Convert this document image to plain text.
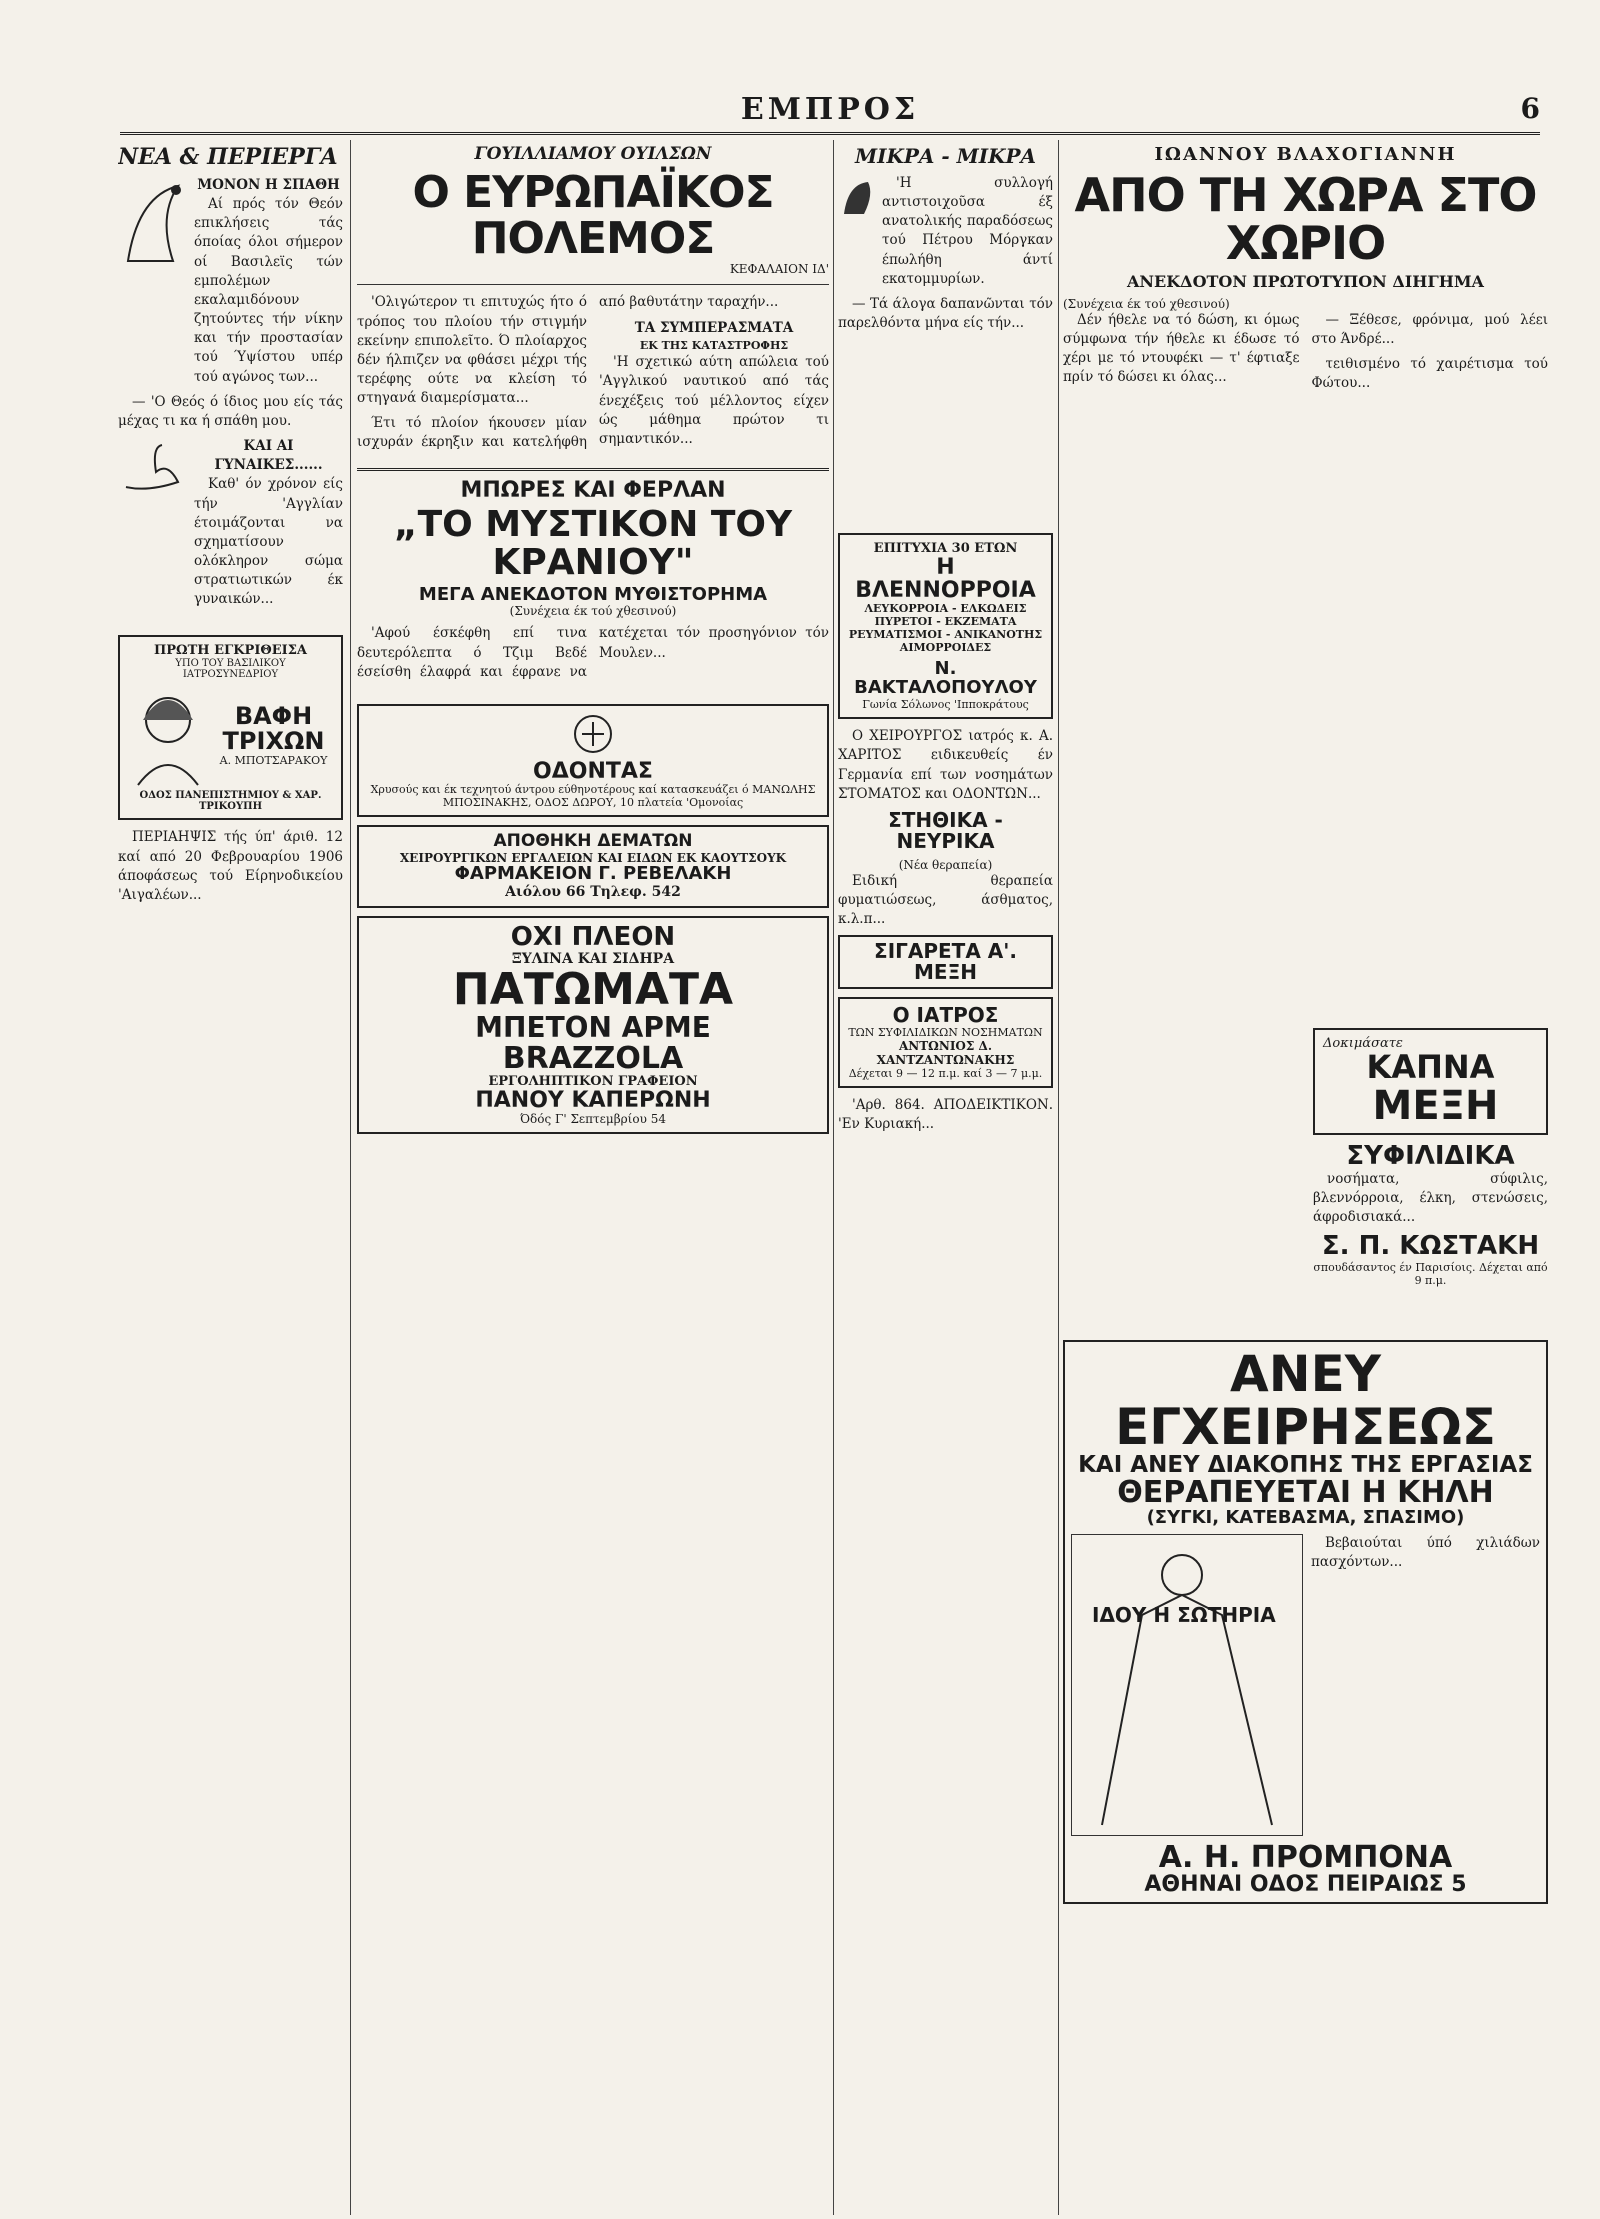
ΕΜΠΡΟΣ	6
ΝΕΑ & ΠΕΡΙΕΡΓΑ
ΜΟΝΟΝ Η ΣΠΑΘΗ

Αί πρός τόν Θεόν επικλήσεις τάς όποίας όλοι σήμερον οί Βασιλεϊς τών εμπολέμων εκαλαμιδόνουν ζητούντες τήν νίκην και τήν προστασίαν τού Ύψίστου υπέρ τού αγώνος των...

— 'Ο Θεός ό ίδιος μου είς τάς μέχας τι κα ή σπάθη μου.

ΚΑΙ ΑΙ ΓΥΝΑΙΚΕΣ......

Καθ' όν χρόνον είς τήν 'Αγγλίαν έτοιμάζονται να σχηματίσουν ολόκληρον σώμα στρατιωτικών έκ γυναικών...

ΠΡΩΤΗ ΕΓΚΡΙΘΕΙΣΑ
ΥΠΟ ΤΟΥ ΒΑΣΙΛΙΚΟΥ ΙΑΤΡΟΣΥΝΕΔΡΙΟΥ
ΒΑΦΗ ΤΡΙΧΩΝ
Α. ΜΠΟΤΣΑΡΑΚΟΥ
ΟΔΟΣ ΠΑΝΕΠΙΣΤΗΜΙΟΥ & ΧΑΡ. ΤΡΙΚΟΥΠΗ

ΠΕΡΙΑΗΨΙΣ τής ύπ' άριθ. 12 καί από 20 Φεβρουαρίου 1906 άποφάσεως τού Είρηνοδικείου 'Αιγαλέων...

ΓΟΥΙΛΛΙΑΜΟΥ ΟΥΙΛΣΩΝ
Ο ΕΥΡΩΠΑΪΚΟΣ ΠΟΛΕΜΟΣ
ΚΕΦΑΛΑΙΟΝ ΙΔ'

'Ολιγώτερον τι επιτυχώς ήτο ό τρόπος του πλοίου τήν στιγμήν εκείνην επιπολεῖτο. Ό πλοίαρχος δέν ήλπιζεν να φθάσει μέχρι τής τερέφης ούτε να κλείση τό στηγανά διαμερίσματα...

Έτι τό πλοίον ήκουσεν μίαν ισχυράν έκρηξιν και κατελήφθη από βαθυτάτην ταραχήν...

ΤΑ ΣΥΜΠΕΡΑΣΜΑΤΑ
ΕΚ ΤΗΣ ΚΑΤΑΣΤΡΟΦΗΣ

'Η σχετικώ αύτη απώλεια τού 'Αγγλικού ναυτικού από τάς ένεχέξεις τού μέλλοντος είχεν ώς μάθημα πρώτον τι σημαντικόν...

ΜΠΩΡΕΣ ΚΑΙ ΦΕΡΛΑΝ
„ΤΟ ΜΥΣΤΙΚΟΝ ΤΟΥ ΚΡΑΝΙΟΥ"
ΜΕΓΑ ΑΝΕΚΔΟΤΟΝ ΜΥΘΙΣΤΟΡΗΜΑ
(Συνέχεια έκ τού χθεσινού)

'Αφού έσκέφθη επί τινα δευτερόλεπτα ό Τζιμ Βεδέ έσείσθη έλαφρά και έφρανε να κατέχεται τόν προσηγόνιον τόν Μουλεν...

ΟΔΟΝΤΑΣ
Χρυσούς και έκ τεχνητού άντρου εύθηνοτέρους καί κατασκευάζει ό ΜΑΝΩΛΗΣ ΜΠΟΣΙΝΑΚΗΣ, ΟΔΟΣ ΔΩΡΟΥ, 10 πλατεία 'Ομονοίας
ΑΠΟΘΗΚΗ ΔΕΜΑΤΩΝ
ΧΕΙΡΟΥΡΓΙΚΩΝ ΕΡΓΑΛΕΙΩΝ ΚΑΙ ΕΙΔΩΝ ΕΚ ΚΑΟΥΤΣΟΥΚ
ΦΑΡΜΑΚΕΙΟΝ Γ. ΡΕΒΕΛΑΚΗ
Αιόλου 66 Τηλεφ. 542
ΟΧΙ ΠΛΕΟΝ
ΞΥΛΙΝΑ ΚΑΙ ΣΙΔΗΡΑ
ΠΑΤΩΜΑΤΑ
ΜΠΕΤΟΝ ΑΡΜΕ
BRAZZOLA
ΕΡΓΟΛΗΠΤΙΚΟΝ ΓΡΑΦΕΙΟΝ
ΠΑΝΟΥ ΚΑΠΕΡΩΝΗ
Όδός Γ' Σεπτεμβρίου 54
ΜΙΚΡΑ - ΜΙΚΡΑ

'Η συλλογή αντιστοιχοῦσα έξ ανατολικής παραδόσεως τού Πέτρου Μόργκαν έπωλήθη άντί εκατομμυρίων.

— Τά άλογα δαπανῶνται τόν παρελθόντα μήνα είς τήν...

ΕΠΙΤΥΧΙΑ 30 ΕΤΩΝ
Η ΒΛΕΝΝΟΡΡΟΙΑ
ΛΕΥΚΟΡΡΟΙΑ - ΕΛΚΩΔΕΙΣ ΠΥΡΕΤΟΙ - ΕΚΖΕΜΑΤΑ ΡΕΥΜΑΤΙΣΜΟΙ - ΑΝΙΚΑΝΟΤΗΣ ΑΙΜΟΡΡΟΙΔΕΣ
Ν. ΒΑΚΤΑΛΟΠΟΥΛΟΥ
Γωνία Σόλωνος 'Ιπποκράτους

Ο ΧΕΙΡΟΥΡΓΟΣ ιατρός κ. Α. ΧΑΡΙΤΟΣ ειδικευθείς έν Γερμανία επί των νοσημάτων ΣΤΟΜΑΤΟΣ και ΟΔΟΝΤΩΝ...

ΣΤΗΘΙΚΑ - ΝΕΥΡΙΚΑ
(Νέα θεραπεία)

Ειδική θεραπεία φυματιώσεως, άσθματος, κ.λ.π...

ΣΙΓΑΡΕΤΑ Α'. ΜΕΞΗ
Ο ΙΑΤΡΟΣ
ΤΩΝ ΣΥΦΙΛΙΔΙΚΩΝ ΝΟΣΗΜΑΤΩΝ
ΑΝΤΩΝΙΟΣ Δ. ΧΑΝΤΖΑΝΤΩΝΑΚΗΣ
Δέχεται 9 — 12 π.μ. καί 3 — 7 μ.μ.

'Αρθ. 864. ΑΠΟΔΕΙΚΤΙΚΟΝ. 'Εν Κυριακή...

ΙΩΑΝΝΟΥ ΒΛΑΧΟΓΙΑΝΝΗ
ΑΠΟ ΤΗ ΧΩΡΑ ΣΤΟ ΧΩΡΙΟ
ΑΝΕΚΔΟΤΟΝ ΠΡΩΤΟΤΥΠΟΝ ΔΙΗΓΗΜΑ
(Συνέχεια έκ τού χθεσινού)

Δέν ήθελε να τό δώση, κι όμως σύμφωνα τήν ήθελε κι έδωσε τό χέρι με τό ντουφέκι — τ' έφτιαξε πρίν τό δώσει κι όλας...

— Ξέθεσε, φρόνιμα, μού λέει στο Άνδρέ...

τειθισμένο τό χαιρέτισμα τού Φώτου...

Δοκιμάσατε
ΚΑΠΝΑ ΜΕΞΗ
ΣΥΦΙΛΙΔΙΚΑ

νοσήματα, σύφιλις, βλεννόρροια, έλκη, στενώσεις, άφροδισιακά...

Σ. Π. ΚΩΣΤΑΚΗ
σπουδάσαντος έν Παρισίοις. Δέχεται από 9 π.μ.
ΑΝΕΥ ΕΓΧΕΙΡΗΣΕΩΣ
ΚΑΙ ΑΝΕΥ ΔΙΑΚΟΠΗΣ ΤΗΣ ΕΡΓΑΣΙΑΣ
ΘΕΡΑΠΕΥΕΤΑΙ Η ΚΗΛΗ
(ΣΥΓΚΙ, ΚΑΤΕΒΑΣΜΑ, ΣΠΑΣΙΜΟ)
ΙΔΟΥ Η ΣΩΤΗΡΙΑ

Βεβαιούται ύπό χιλιάδων πασχόντων...

Α. Η. ΠΡΟΜΠΟΝΑ
ΑΘΗΝΑΙ ΟΔΟΣ ΠΕΙΡΑΙΩΣ 5
